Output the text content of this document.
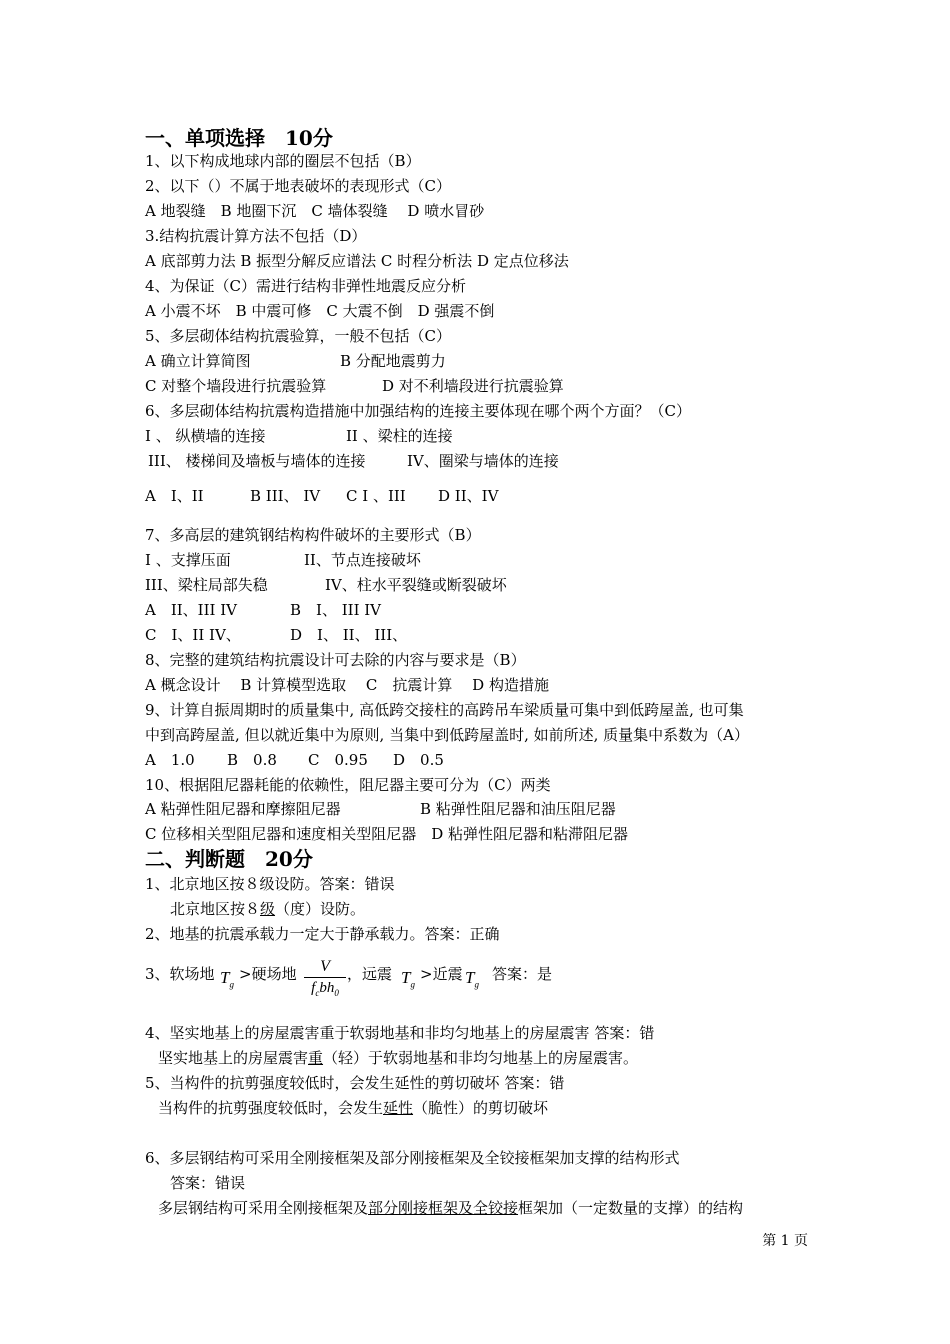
一、单项选择　10分
1、以下构成地球内部的圈层不包括（B）
2、以下（）不属于地表破坏的表现形式（C）
A 地裂缝　B 地圈下沉　C 墙体裂缝　 D 喷水冒砂
3.结构抗震计算方法不包括（D）
A 底部剪力法 B 振型分解反应谱法 C 时程分析法 D 定点位移法
4、为保证（C）需进行结构非弹性地震反应分析
A 小震不坏　B 中震可修　C 大震不倒　D 强震不倒
5、多层砌体结构抗震验算，一般不包括（C）
A 确立计算简图	B 分配地震剪力
C 对整个墙段进行抗震验算	D 对不利墙段进行抗震验算
6、多层砌体结构抗震构造措施中加强结构的连接主要体现在哪个两个方面？（C）
I 、 纵横墙的连接	II 、梁柱的连接
III、 楼梯间及墙板与墙体的连接	IV、圈梁与墙体的连接
A　I、II	B III、 IV C I 、III D II、IV
7、多高层的建筑钢结构构件破坏的主要形式（B）
I 、支撑压面	II、节点连接破坏
III、梁柱局部失稳	IV、柱水平裂缝或断裂破坏
A　II、III IV	B　I、 III IV
C　I、II IV、	D　I、 II、 III、
8、完整的建筑结构抗震设计可去除的内容与要求是（B）
A 概念设计　 B 计算模型选取　 C　抗震计算　 D 构造措施
9、计算自振周期时的质量集中, 高低跨交接柱的高跨吊车梁质量可集中到低跨屋盖, 也可集
中到高跨屋盖, 但以就近集中为原则, 当集中到低跨屋盖时, 如前所述, 质量集中系数为（A）
A　1.0 B　0.8 C　0.95 D　0.5
10、根据阻尼器耗能的依赖性，阻尼器主要可分为（C）两类
A 粘弹性阻尼器和摩擦阻尼器	B 粘弹性阻尼器和油压阻尼器
C 位移相关型阻尼器和速度相关型阻尼器　D 粘弹性阻尼器和粘滞阻尼器
二、判断题　20分
1、北京地区按８级设防。答案：错误
北京地区按８级（度）设防。
2、地基的抗震承载力一定大于静承载力。答案：正确
3、软场地 $T_g$
>硬场地	V
$f_cbh_0$
，远震 $T_g$
>近震 $T_g$
答案：是
4、坚实地基上的房屋震害重于软弱地基和非均匀地基上的房屋震害 答案：错
坚实地基上的房屋震害重（轻）于软弱地基和非均匀地基上的房屋震害。
5、当构件的抗剪强度较低时，会发生延性的剪切破坏 答案：错
当构件的抗剪强度较低时，会发生延性（脆性）的剪切破坏
6、多层钢结构可采用全刚接框架及部分刚接框架及全铰接框架加支撑的结构形式
答案：错误
多层钢结构可采用全刚接框架及部分刚接框架及全铰接框架加（一定数量的支撑）的结构
第 1 页
